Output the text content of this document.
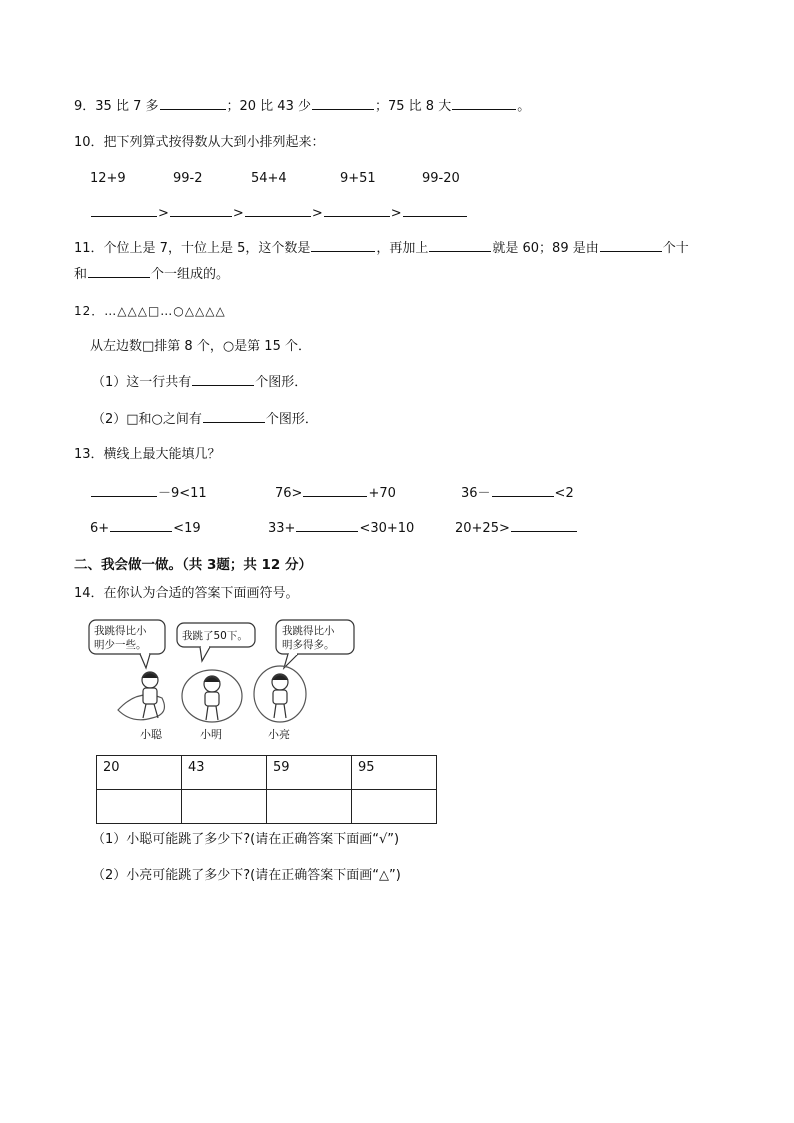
9．35 比 7 多	；20 比 43 少	；75 比 8 大	。
10．把下列算式按得数从大到小排列起来：
12+9	99-2	54+4	9+51	99-20
>	>	>	>
11．个位上是 7，十位上是 5，这个数是	，再加上	就是 60；89 是由	个十
和	个一组成的。
12．…△△△□…○△△△△
从左边数□排第 8 个，○是第 15 个．
（1）这一行共有	个图形．
（2）□和○之间有	个图形．
13．横线上最大能填几？
－9<11	76>	+70	36－	<2
6+	<19	33+	<30+10	20+25>
二、我会做一做。（共 3题；共 12 分）
14．在你认为合适的答案下面画符号。
我跳得比小
明少一些。
我跳了50下。	我跳得比小
明多得多。
小聪	小明	小亮
20	43	59	95

（1）小聪可能跳了多少下?(请在正确答案下面画“√”)
（2）小亮可能跳了多少下?(请在正确答案下面画“△”)
